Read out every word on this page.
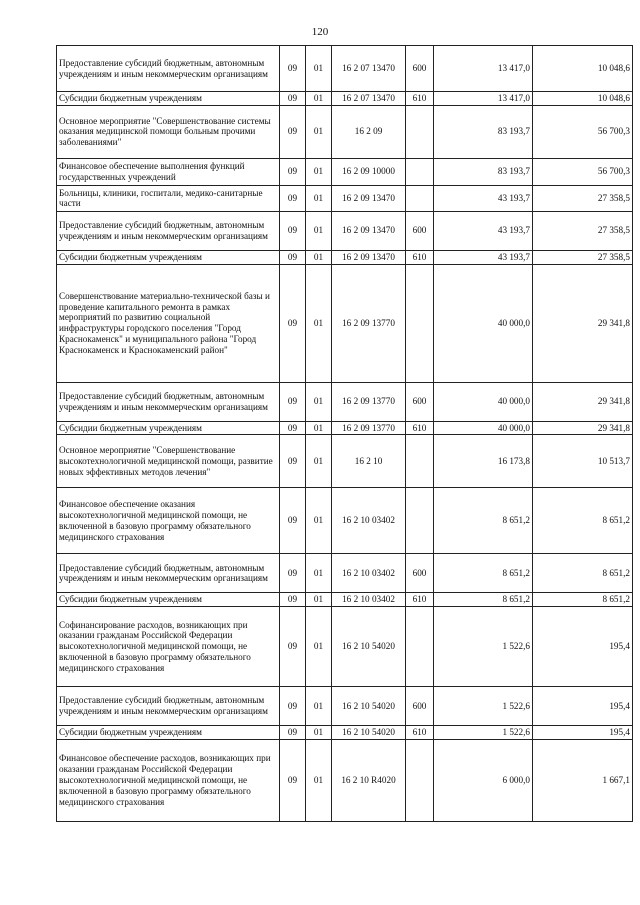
120
Предоставление субсидий бюджетным, автономным учреждениям и иным некоммерческим организациям	09	01	16 2 07 13470	600	13 417,0	10 048,6
Субсидии бюджетным учреждениям	09	01	16 2 07 13470	610	13 417,0	10 048,6
Основное мероприятие "Совершенствование системы оказания медицинской помощи больным прочими заболеваниями"	09	01	16 2 09		83 193,7	56 700,3
Финансовое обеспечение выполнения функций государственных учреждений	09	01	16 2 09 10000		83 193,7	56 700,3
Больницы, клиники, госпитали, медико-санитарные части	09	01	16 2 09 13470		43 193,7	27 358,5
Предоставление субсидий бюджетным, автономным учреждениям и иным некоммерческим организациям	09	01	16 2 09 13470	600	43 193,7	27 358,5
Субсидии бюджетным учреждениям	09	01	16 2 09 13470	610	43 193,7	27 358,5
Совершенствование материально-технической базы и проведение капитального ремонта в рамках мероприятий по развитию социальной инфраструктуры городского поселения "Город Краснокаменск" и муниципального района "Город Краснокаменск и Краснокаменский район"	09	01	16 2 09 13770		40 000,0	29 341,8
Предоставление субсидий бюджетным, автономным учреждениям и иным некоммерческим организациям	09	01	16 2 09 13770	600	40 000,0	29 341,8
Субсидии бюджетным учреждениям	09	01	16 2 09 13770	610	40 000,0	29 341,8
Основное мероприятие "Совершенствование высокотехнологичной медицинской помощи, развитие новых эффективных методов лечения"	09	01	16 2 10		16 173,8	10 513,7
Финансовое обеспечение оказания высокотехнологичной медицинской помощи, не включенной в базовую программу обязательного медицинского страхования	09	01	16 2 10 03402		8 651,2	8 651,2
Предоставление субсидий бюджетным, автономным учреждениям и иным некоммерческим организациям	09	01	16 2 10 03402	600	8 651,2	8 651,2
Субсидии бюджетным учреждениям	09	01	16 2 10 03402	610	8 651,2	8 651,2
Софинансирование расходов, возникающих при оказании гражданам Российской Федерации высокотехнологичной медицинской помощи, не включенной в базовую программу обязательного медицинского страхования	09	01	16 2 10 54020		1 522,6	195,4
Предоставление субсидий бюджетным, автономным учреждениям и иным некоммерческим организациям	09	01	16 2 10 54020	600	1 522,6	195,4
Субсидии бюджетным учреждениям	09	01	16 2 10 54020	610	1 522,6	195,4
Финансовое обеспечение расходов, возникающих при оказании гражданам Российской Федерации высокотехнологичной медицинской помощи, не включенной в базовую программу обязательного медицинского страхования	09	01	16 2 10 R4020		6 000,0	1 667,1
